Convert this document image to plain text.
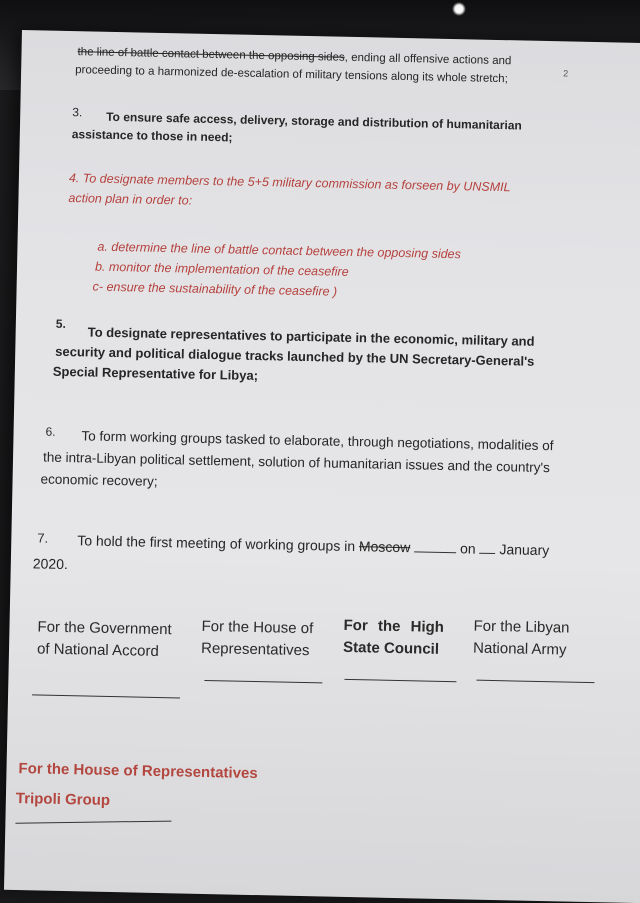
2
the line of battle contact between the opposing sides, ending all offensive actions and
proceeding to a harmonized de-escalation of military tensions along its whole stretch;
3. To ensure safe access, delivery, storage and distribution of humanitarian
assistance to those in need;
4. To designate members to the 5+5 military commission as forseen by UNSMIL
action plan in order to:
a. determine the line of battle contact between the opposing sides
b. monitor the implementation of the ceasefire
c- ensure the sustainability of the ceasefire )
5.
To designate representatives to participate in the economic, military and
security and political dialogue tracks launched by the UN Secretary-General's
Special Representative for Libya;
6. To form working groups tasked to elaborate, through negotiations, modalities of
the intra-Libyan political settlement, solution of humanitarian issues and the country's
economic recovery;
7. To hold the first meeting of working groups in Moscow	on January
2020.
For the Government
of National Accord
For the House of
Representatives
For the High
State Council
For the Libyan
National Army
For the House of Representatives
Tripoli Group
